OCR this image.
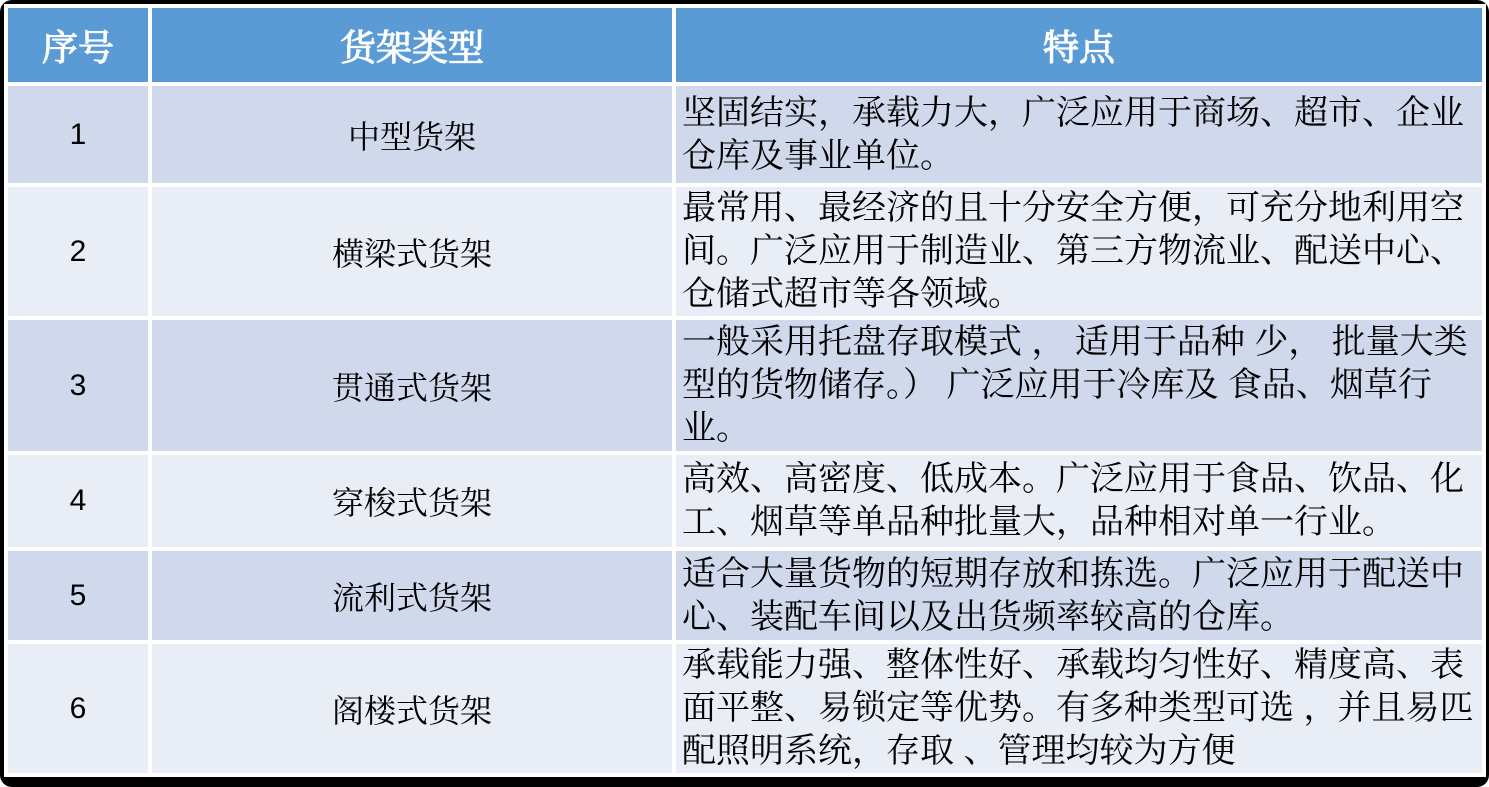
序号	货架类型	特点
1	中型货架	坚固结实，承载力大，广泛应用于商场、超市、企业仓库及事业单位。
2	横梁式货架	最常用、最经济的且十分安全方便，可充分地利用空间。广泛应用于制造业、第三方物流业、配送中心、仓储式超市等各领域。
3	贯通式货架	一般采用托盘存取模式 ， 适用于品种 少， 批量大类型的货物储存。） 广泛应用于冷库及 食品、烟草行业。
4	穿梭式货架	高效、高密度、低成本。广泛应用于食品、饮品、化工、烟草等单品种批量大，品种相对单一行业。
5	流利式货架	适合大量货物的短期存放和拣选。广泛应用于配送中心、装配车间以及出货频率较高的仓库。
6	阁楼式货架	承载能力强、整体性好、承载均匀性好、精度高、表面平整、易锁定等优势。有多种类型可选 ，并且易匹配照明系统，存取 、管理均较为方便
